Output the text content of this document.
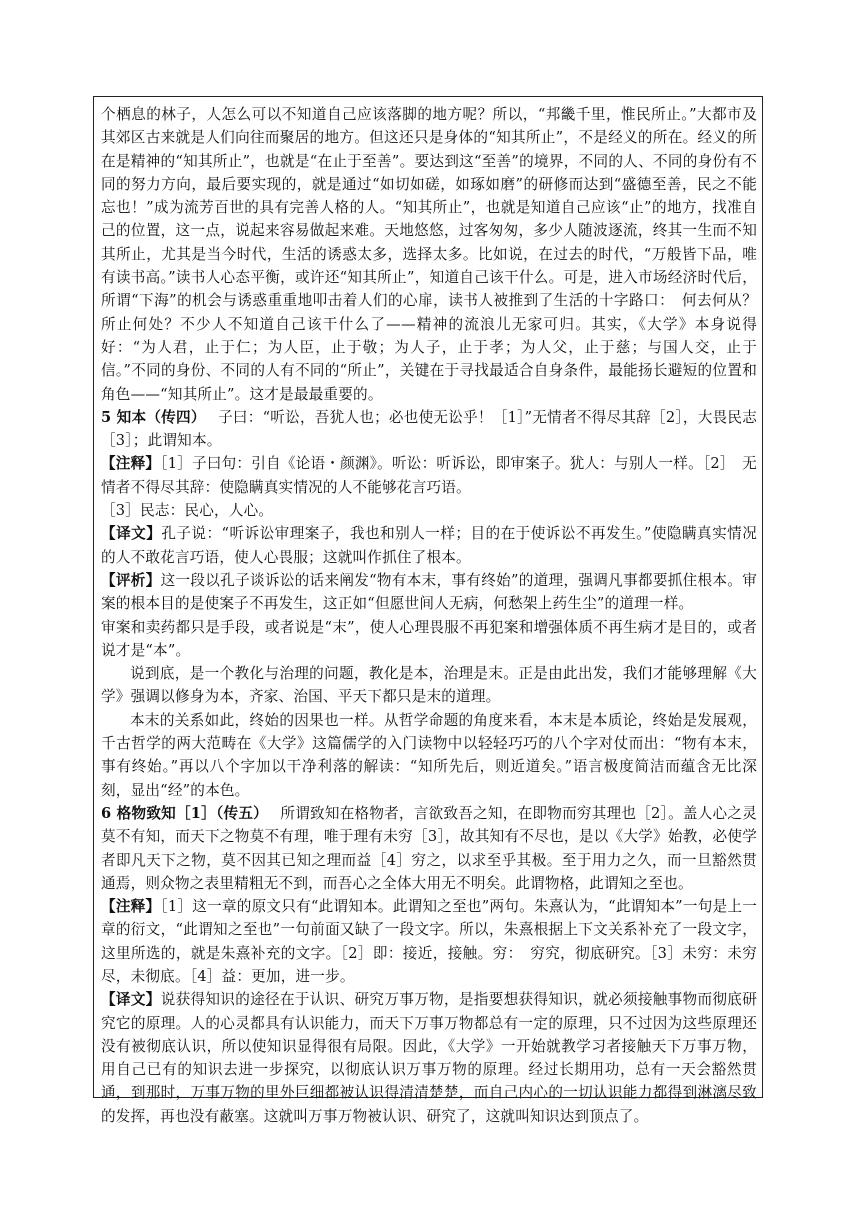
个栖息的林子，人怎么可以不知道自己应该落脚的地方呢？所以，“邦畿千里，惟民所止。”大都市及其郊区古来就是人们向往而聚居的地方。但这还只是身体的“知其所止”，不是经义的所在。经义的所在是精神的“知其所止”，也就是“在止于至善”。要达到这“至善”的境界，不同的人、不同的身份有不同的努力方向，最后要实现的，就是通过“如切如磋，如琢如磨”的研修而达到“盛德至善，民之不能忘也！”成为流芳百世的具有完善人格的人。“知其所止”，也就是知道自己应该“止”的地方，找准自己的位置，这一点，说起来容易做起来难。天地悠悠，过客匆匆，多少人随波逐流，终其一生而不知其所止，尤其是当今时代，生活的诱惑太多，选择太多。比如说，在过去的时代，“万般皆下品，唯有读书高。”读书人心态平衡，或许还“知其所止”，知道自己该干什么。可是，进入市场经济时代后，所谓“下海”的机会与诱惑重重地叩击着人们的心扉，读书人被推到了生活的十字路口：　何去何从？所止何处？不少人不知道自己该干什么了——精神的流浪儿无家可归。其实，《大学》本身说得好：“为人君，止于仁；为人臣，止于敬；为人子，止于孝；为人父，止于慈；与国人交，止于信。”不同的身份、不同的人有不同的“所止”，关键在于寻找最适合自身条件，最能扬长避短的位置和角色——“知其所止”。这才是最最重要的。

5 知本（传四）　 子曰：“听讼，吾犹人也；必也使无讼乎！［1］”无情者不得尽其辞［2］，大畏民志［3］；此谓知本。

【注释】［1］子曰句：引自《论语・颜渊》。听讼：听诉讼，即审案子。犹人：与别人一样。［2］　无情者不得尽其辞：使隐瞒真实情况的人不能够花言巧语。

［3］民志：民心，人心。

【译文】孔子说：“听诉讼审理案子，我也和别人一样；目的在于使诉讼不再发生。”使隐瞒真实情况的人不敢花言巧语，使人心畏服；这就叫作抓住了根本。

【评析】这一段以孔子谈诉讼的话来阐发“物有本末，事有终始”的道理，强调凡事都要抓住根本。审案的根本目的是使案子不再发生，这正如“但愿世间人无病，何愁架上药生尘”的道理一样。

审案和卖药都只是手段，或者说是“末”，使人心理畏服不再犯案和增强体质不再生病才是目的，或者说才是“本”。

说到底，是一个教化与治理的问题，教化是本，治理是末。正是由此出发，我们才能够理解《大学》强调以修身为本，齐家、治国、平天下都只是末的道理。

本末的关系如此，终始的因果也一样。从哲学命题的角度来看，本末是本质论，终始是发展观，千古哲学的两大范畴在《大学》这篇儒学的入门读物中以轻轻巧巧的八个字对仗而出：“物有本末，事有终始。”再以八个字加以干净利落的解读：“知所先后，则近道矣。”语言极度简洁而蕴含无比深刻，显出“经”的本色。

6 格物致知［1］（传五）　 所谓致知在格物者，言欲致吾之知，在即物而穷其理也［2］。盖人心之灵莫不有知，而天下之物莫不有理，唯于理有未穷［3］，故其知有不尽也，是以《大学》始教，必使学者即凡天下之物，莫不因其已知之理而益［4］穷之，以求至乎其极。至于用力之久，而一旦豁然贯通焉，则众物之表里精粗无不到，而吾心之全体大用无不明矣。此谓物格，此谓知之至也。

【注释】［1］这一章的原文只有“此谓知本。此谓知之至也”两句。朱熹认为，“此谓知本”一句是上一章的衍文，“此谓知之至也”一句前面又缺了一段文字。所以，朱熹根据上下文关系补充了一段文字，这里所选的，就是朱熹补充的文字。［2］即：接近，接触。穷：　穷究，彻底研究。［3］未穷：未穷尽，未彻底。［4］益：更加，进一步。

【译文】说获得知识的途径在于认识、研究万事万物，是指要想获得知识，就必须接触事物而彻底研究它的原理。人的心灵都具有认识能力，而天下万事万物都总有一定的原理，只不过因为这些原理还没有被彻底认识，所以使知识显得很有局限。因此，《大学》一开始就教学习者接触天下万事万物，用自己已有的知识去进一步探究，以彻底认识万事万物的原理。经过长期用功，总有一天会豁然贯通，到那时，万事万物的里外巨细都被认识得清清楚楚，而自己内心的一切认识能力都得到淋漓尽致的发挥，再也没有蔽塞。这就叫万事万物被认识、研究了，这就叫知识达到顶点了。
